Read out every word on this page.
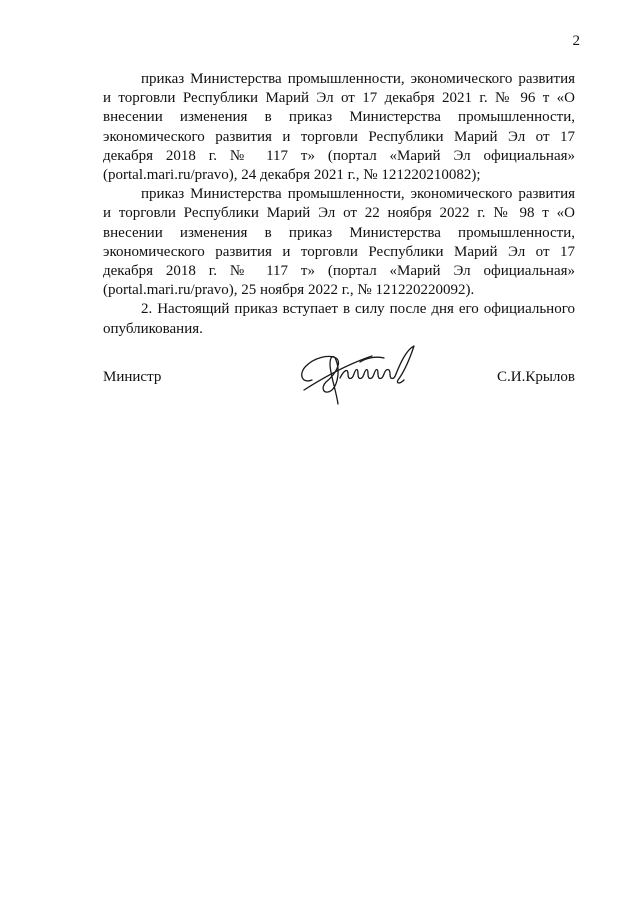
2

приказ Министерства промышленности, экономического развития и торговли Республики Марий Эл от 17 декабря 2021 г. № 96 т «О внесении изменения в приказ Министерства промышленности, экономического развития и торговли Республики Марий Эл от 17 декабря 2018 г. № 117 т» (портал «Марий Эл официальная» (portal.mari.ru/pravo), 24 декабря 2021 г., № 121220210082);

приказ Министерства промышленности, экономического развития и торговли Республики Марий Эл от 22 ноября 2022 г. № 98 т «О внесении изменения в приказ Министерства промышленности, экономического развития и торговли Республики Марий Эл от 17 декабря 2018 г. № 117 т» (портал «Марий Эл официальная» (portal.mari.ru/pravo), 25 ноября 2022 г., № 121220220092).

2. Настоящий приказ вступает в силу после дня его официального опубликования.

Министр	С.И.Крылов
